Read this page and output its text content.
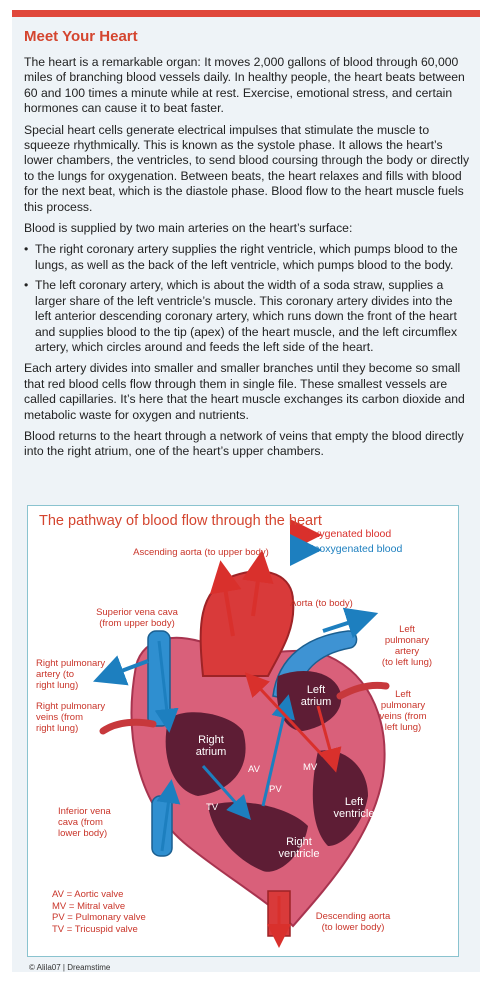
Meet Your Heart

The heart is a remarkable organ: It moves 2,000 gallons of blood through 60,000 miles of branching blood vessels daily. In healthy people, the heart beats between 60 and 100 times a minute while at rest. Exercise, emotional stress, and certain hormones can cause it to beat faster.

Special heart cells generate electrical impulses that stimulate the muscle to squeeze rhythmically. This is known as the systole phase. It allows the heart’s lower chambers, the ventricles, to send blood coursing through the body or directly to the lungs for oxygenation. Between beats, the heart relaxes and fills with blood for the next beat, which is the diastole phase. Blood flow to the heart muscle fuels this process.

Blood is supplied by two main arteries on the heart’s surface:

• The right coronary artery supplies the right ventricle, which pumps blood to the lungs, as well as the back of the left ventricle, which pumps blood to the body.
• The left coronary artery, which is about the width of a soda straw, supplies a larger share of the left ventricle’s muscle. This coronary artery divides into the left anterior descending coronary artery, which runs down the front of the heart and supplies blood to the tip (apex) of the heart muscle, and the left circumflex artery, which circles around and feeds the left side of the heart.

Each artery divides into smaller and smaller branches until they become so small that red blood cells flow through them in single file. These smallest vessels are called capillaries. It’s here that the heart muscle exchanges its carbon dioxide and metabolic waste for oxygen and nutrients.

Blood returns to the heart through a network of veins that empty the blood directly into the right atrium, one of the heart’s upper chambers.

The pathway of blood flow through the heart
Oxygenated blood
Unoxygenated blood
Ascending aorta (to upper body)
Aorta (to body)
Superior vena cava
(from upper body)
Right pulmonary
artery (to
right lung)
Right pulmonary
veins (from
right lung)
Left
pulmonary
artery
(to left lung)
Left
pulmonary
veins (from
left lung)
Inferior vena
cava (from
lower body)
Descending aorta
(to lower body)
Right
atrium
Left
atrium
Right
ventricle
Left
ventricle
AV	MV
PV
TV
AV = Aortic valve
MV = Mitral valve
PV = Pulmonary valve
TV = Tricuspid valve
© Alila07 | Dreamstime
